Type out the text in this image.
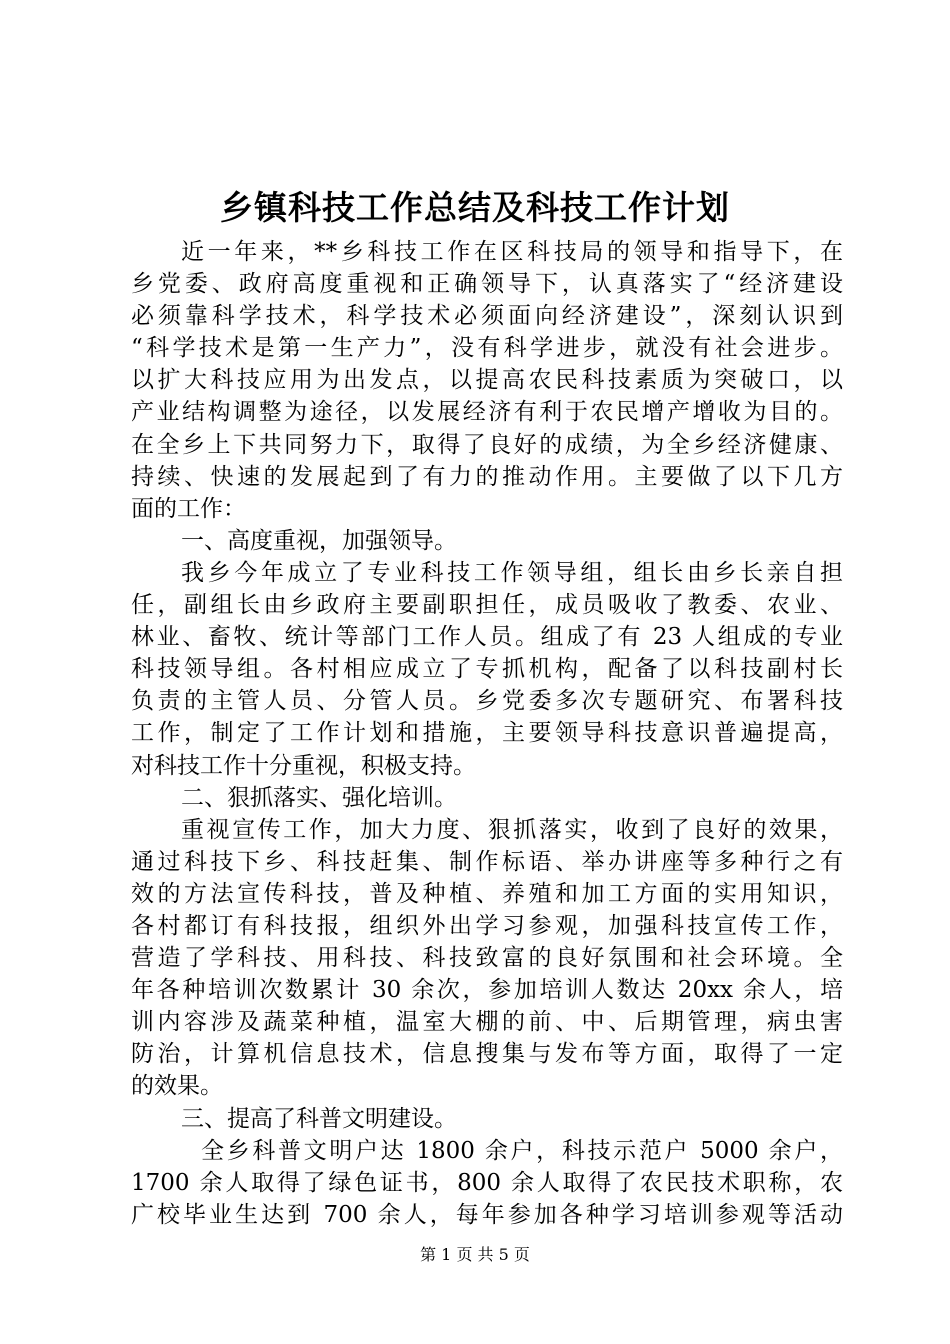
乡镇科技工作总结及科技工作计划
近一年来，**乡科技工作在区科技局的领导和指导下，在
乡党委、政府高度重视和正确领导下，认真落实了“经济建设
必须靠科学技术，科学技术必须面向经济建设”，深刻认识到
“科学技术是第一生产力”，没有科学进步，就没有社会进步。
以扩大科技应用为出发点，以提高农民科技素质为突破口，以
产业结构调整为途径，以发展经济有利于农民增产增收为目的。
在全乡上下共同努力下，取得了良好的成绩，为全乡经济健康、
持续、快速的发展起到了有力的推动作用。主要做了以下几方
面的工作：
一、高度重视，加强领导。
我乡今年成立了专业科技工作领导组，组长由乡长亲自担
任，副组长由乡政府主要副职担任，成员吸收了教委、农业、
林业、畜牧、统计等部门工作人员。组成了有 23 人组成的专业
科技领导组。各村相应成立了专抓机构，配备了以科技副村长
负责的主管人员、分管人员。乡党委多次专题研究、布署科技
工作，制定了工作计划和措施，主要领导科技意识普遍提高，
对科技工作十分重视，积极支持。
二、狠抓落实、强化培训。
重视宣传工作，加大力度、狠抓落实，收到了良好的效果，
通过科技下乡、科技赶集、制作标语、举办讲座等多种行之有
效的方法宣传科技，普及种植、养殖和加工方面的实用知识，
各村都订有科技报，组织外出学习参观，加强科技宣传工作，
营造了学科技、用科技、科技致富的良好氛围和社会环境。全
年各种培训次数累计 30 余次，参加培训人数达 20xx 余人，培
训内容涉及蔬菜种植，温室大棚的前、中、后期管理，病虫害
防治，计算机信息技术，信息搜集与发布等方面，取得了一定
的效果。
三、提高了科普文明建设。
全乡科普文明户达 1800 余户，科技示范户 5000 余户，
1700 余人取得了绿色证书，800 余人取得了农民技术职称，农
广校毕业生达到 700 余人，每年参加各种学习培训参观等活动
第 1 页 共 5 页
